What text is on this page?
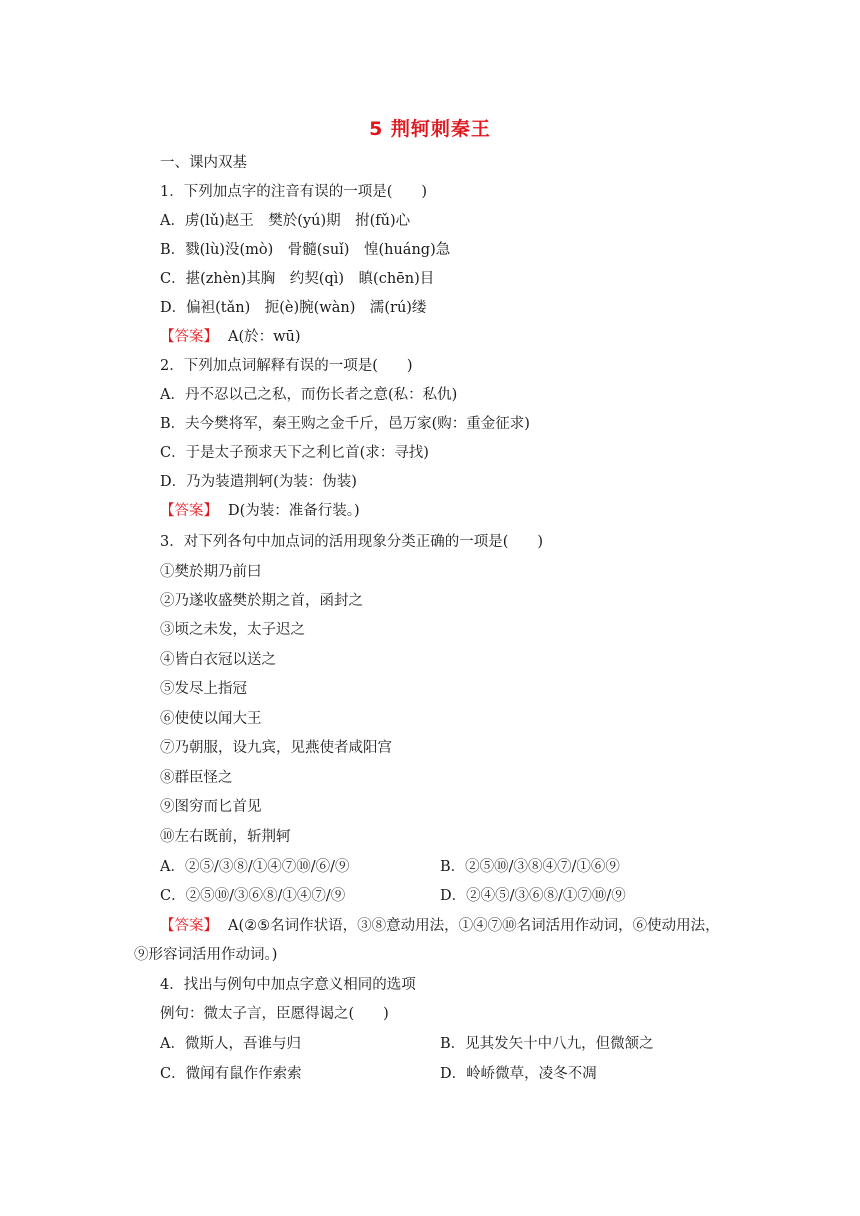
5 荆轲刺秦王
一、课内双基
1．下列加点字的注音有误的一项是(　　)
A．虏(lǔ)赵王　樊於(yú)期　拊(fǔ)心
B．戮(lù)没(mò)　骨髓(suǐ)　惶(huáng)急
C．揕(zhèn)其胸　约契(qì)　瞋(chēn)目
D．偏袒(tǎn)　扼(è)腕(wàn)　濡(rú)缕
【答案】 A(於：wū)
2．下列加点词解释有误的一项是(　　)
A．丹不忍以己之私，而伤长者之意(私：私仇)
B．夫今樊将军，秦王购之金千斤，邑万家(购：重金征求)
C．于是太子预求天下之利匕首(求：寻找)
D．乃为装遣荆轲(为装：伪装)
【答案】 D(为装：准备行装。)
3．对下列各句中加点词的活用现象分类正确的一项是(　　)
①樊於期乃前曰
②乃遂收盛樊於期之首，函封之
③顷之未发，太子迟之
④皆白衣冠以送之
⑤发尽上指冠
⑥使使以闻大王
⑦乃朝服，设九宾，见燕使者咸阳宫
⑧群臣怪之
⑨图穷而匕首见
⑩左右既前，斩荆轲
A．②⑤/③⑧/①④⑦⑩/⑥/⑨	B．②⑤⑩/③⑧④⑦/①⑥⑨
C．②⑤⑩/③⑥⑧/①④⑦/⑨	D．②④⑤/③⑥⑧/①⑦⑩/⑨
【答案】 A(②⑤名词作状语，③⑧意动用法，①④⑦⑩名词活用作动词，⑥使动用法，
⑨形容词活用作动词。)
4．找出与例句中加点字意义相同的选项
例句：微太子言，臣愿得谒之(　　)
A．微斯人，吾谁与归	B．见其发矢十中八九，但微颔之
C．微闻有鼠作作索索	D．岭峤微草，凌冬不凋
